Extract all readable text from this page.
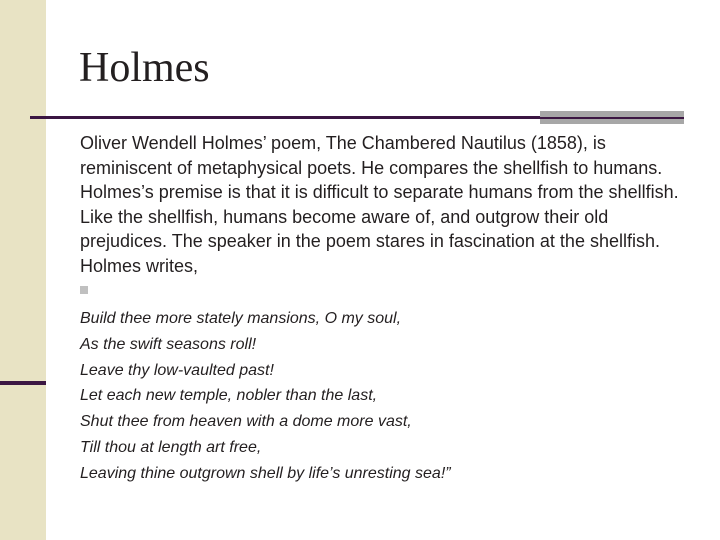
Holmes

Oliver Wendell Holmes’ poem, The Chambered Nautilus (1858), is reminiscent of metaphysical poets. He compares the shellfish to humans. Holmes’s premise is that it is difficult to separate humans from the shellfish. Like the shellfish, humans become aware of, and outgrow their old prejudices. The speaker in the poem stares in fascination at the shellfish. Holmes writes,

Build thee more stately mansions, O my soul,
As the swift seasons roll!
Leave thy low-vaulted past!
Let each new temple, nobler than the last,
Shut thee from heaven with a dome more vast,
Till thou at length art free,
Leaving thine outgrown shell by life’s unresting sea!”
